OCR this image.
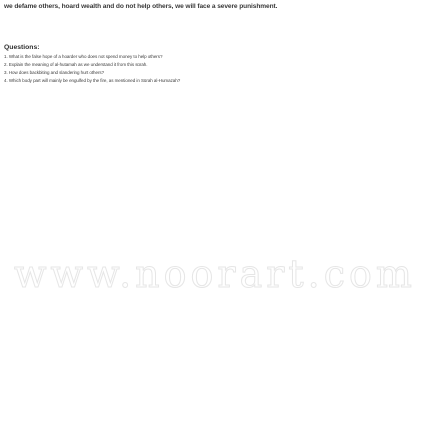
we defame others, hoard wealth and do not help others, we will face a severe punishment.
Questions:
1. What is the false hope of a hoarder who does not spend money to help others?
2. Explain the meaning of al-hutamah as we understand it from this sūrah.
3. How does backbiting and slandering hurt others?
4. Which body part will mainly be engulfed by the fire, as mentioned in Sūrah al-Humazah?
www.noorart.com
